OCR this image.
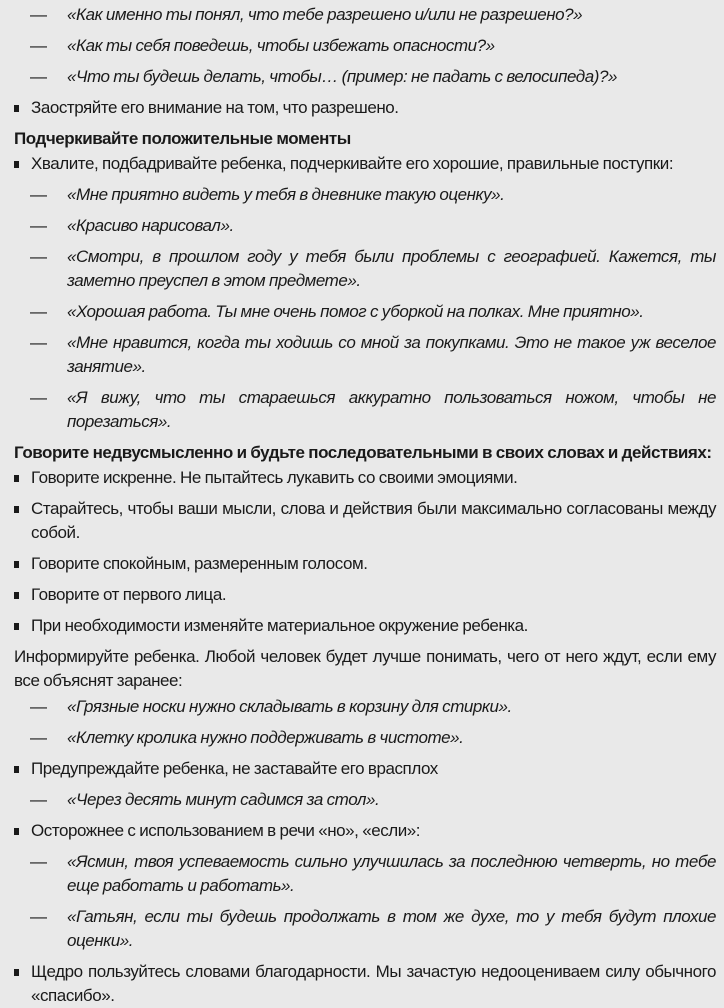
— «Как именно ты понял, что тебе разрешено и/или не разрешено?»
— «Как ты себя поведешь, чтобы избежать опасности?»
— «Что ты будешь делать, чтобы… (пример: не падать с велосипеда)?»
Заостряйте его внимание на том, что разрешено.
Подчеркивайте положительные моменты
Хвалите, подбадривайте ребенка, подчеркивайте его хорошие, правильные поступки:
— «Мне приятно видеть у тебя в дневнике такую оценку».
— «Красиво нарисовал».
— «Смотри, в прошлом году у тебя были проблемы с географией. Кажется, ты заметно преуспел в этом предмете».
— «Хорошая работа. Ты мне очень помог с уборкой на полках. Мне приятно».
— «Мне нравится, когда ты ходишь со мной за покупками. Это не такое уж веселое занятие».
— «Я вижу, что ты стараешься аккуратно пользоваться ножом, чтобы не порезаться».
Говорите недвусмысленно и будьте последовательными в своих словах и действиях:
Говорите искренне. Не пытайтесь лукавить со своими эмоциями.
Старайтесь, чтобы ваши мысли, слова и действия были максимально согласованы между собой.
Говорите спокойным, размеренным голосом.
Говорите от первого лица.
При необходимости изменяйте материальное окружение ребенка.
Информируйте ребенка. Любой человек будет лучше понимать, чего от него ждут, если ему все объяснят заранее:
— «Грязные носки нужно складывать в корзину для стирки».
— «Клетку кролика нужно поддерживать в чистоте».
Предупреждайте ребенка, не заставайте его врасплох
— «Через десять минут садимся за стол».
Осторожнее с использованием в речи «но», «если»:
— «Ясмин, твоя успеваемость сильно улучшилась за последнюю четверть, но тебе еще работать и работать».
— «Гатьян, если ты будешь продолжать в том же духе, то у тебя будут плохие оценки».
Щедро пользуйтесь словами благодарности. Мы зачастую недооцениваем силу обычного «спасибо».
